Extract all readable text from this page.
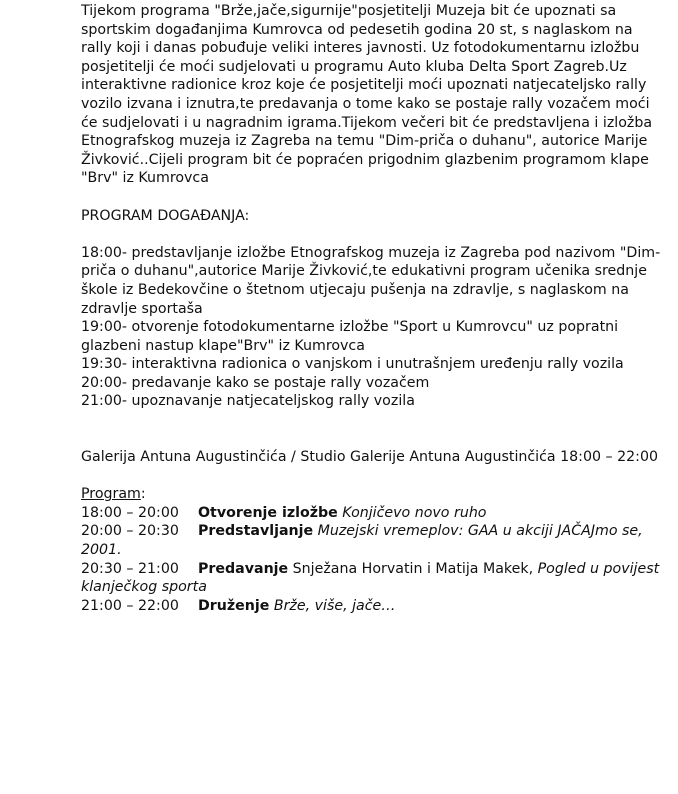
Tijekom programa "Brže,jače,sigurnije"posjetitelji Muzeja bit će upoznati sa sportskim događanjima Kumrovca od pedesetih godina 20 st, s naglaskom na rally koji i danas pobuđuje veliki interes javnosti. Uz fotodokumentarnu izložbu posjetitelji će moći sudjelovati u programu Auto kluba Delta Sport Zagreb.Uz interaktivne radionice kroz koje će posjetitelji moći upoznati natjecateljsko rally vozilo izvana i iznutra,te predavanja o tome kako se postaje rally vozačem moći će sudjelovati i u nagradnim igrama.Tijekom večeri bit će predstavljena i izložba Etnografskog muzeja iz Zagreba na temu "Dim-priča o duhanu", autorice Marije Živković..Cijeli program bit će popraćen prigodnim glazbenim programom klape "Brv" iz Kumrovca

PROGRAM DOGAĐANJA:

18:00- predstavljanje izložbe Etnografskog muzeja iz Zagreba pod nazivom "Dim-priča o duhanu",autorice Marije Živković,te edukativni program učenika srednje škole iz Bedekovčine o štetnom utjecaju pušenja na zdravlje, s naglaskom na zdravlje sportaša

19:00- otvorenje fotodokumentarne izložbe "Sport u Kumrovcu" uz popratni glazbeni nastup klape"Brv" iz Kumrovca

19:30- interaktivna radionica o vanjskom i unutrašnjem uređenju rally vozila

20:00- predavanje kako se postaje rally vozačem

21:00- upoznavanje natjecateljskog rally vozila

Galerija Antuna Augustinčića / Studio Galerije Antuna Augustinčića 18:00 – 22:00

Program:

18:00 – 20:00 Otvorenje izložbe Konjičevo novo ruho

20:00 – 20:30 Predstavljanje Muzejski vremeplov: GAA u akciji JAČAJmo se, 2001.

20:30 – 21:00 Predavanje Snježana Horvatin i Matija Makek, Pogled u povijest klanječkog sporta

21:00 – 22:00 Druženje Brže, više, jače…
